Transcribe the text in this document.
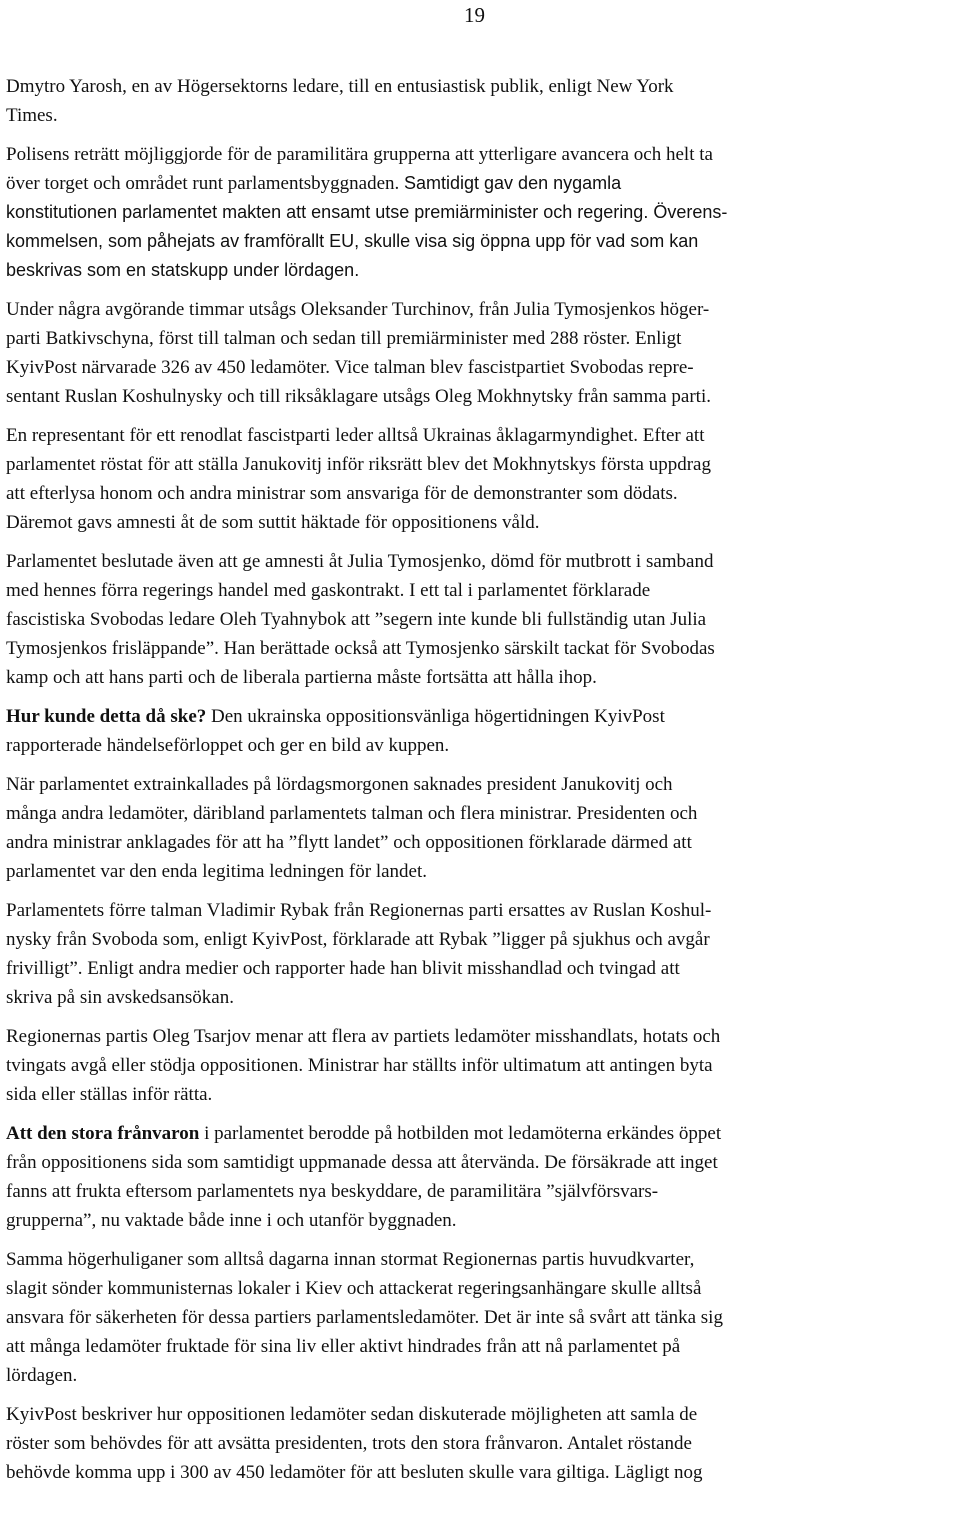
19

Dmytro Yarosh, en av Högersektorns ledare, till en entusiastisk publik, enligt New York
Times.

Polisens reträtt möjliggjorde för de paramilitära grupperna att ytterligare avancera och helt ta
över torget och området runt parlamentsbyggnaden. Samtidigt gav den nygamla
konstitutionen parlamentet makten att ensamt utse premiärminister och regering. Överens-
kommelsen, som påhejats av framförallt EU, skulle visa sig öppna upp för vad som kan
beskrivas som en statskupp under lördagen.

Under några avgörande timmar utsågs Oleksander Turchinov, från Julia Tymosjenkos höger-
parti Batkivschyna, först till talman och sedan till premiärminister med 288 röster. Enligt
KyivPost närvarade 326 av 450 ledamöter. Vice talman blev fascistpartiet Svobodas repre-
sentant Ruslan Koshulnysky och till riksåklagare utsågs Oleg Mokhnytsky från samma parti.

En representant för ett renodlat fascistparti leder alltså Ukrainas åklagarmyndighet. Efter att
parlamentet röstat för att ställa Janukovitj inför riksrätt blev det Mokhnytskys första uppdrag
att efterlysa honom och andra ministrar som ansvariga för de demonstranter som dödats.
Däremot gavs amnesti åt de som suttit häktade för oppositionens våld.

Parlamentet beslutade även att ge amnesti åt Julia Tymosjenko, dömd för mutbrott i samband
med hennes förra regerings handel med gaskontrakt. I ett tal i parlamentet förklarade
fascistiska Svobodas ledare Oleh Tyahnybok att ”segern inte kunde bli fullständig utan Julia
Tymosjenkos frisläppande”. Han berättade också att Tymosjenko särskilt tackat för Svobodas
kamp och att hans parti och de liberala partierna måste fortsätta att hålla ihop.

Hur kunde detta då ske? Den ukrainska oppositionsvänliga högertidningen KyivPost
rapporterade händelseförloppet och ger en bild av kuppen.

När parlamentet extrainkallades på lördagsmorgonen saknades president Janukovitj och
många andra ledamöter, däribland parlamentets talman och flera ministrar. Presidenten och
andra ministrar anklagades för att ha ”flytt landet” och oppositionen förklarade därmed att
parlamentet var den enda legitima ledningen för landet.

Parlamentets förre talman Vladimir Rybak från Regionernas parti ersattes av Ruslan Koshul-
nysky från Svoboda som, enligt KyivPost, förklarade att Rybak ”ligger på sjukhus och avgår
frivilligt”. Enligt andra medier och rapporter hade han blivit misshandlad och tvingad att
skriva på sin avskedsansökan.

Regionernas partis Oleg Tsarjov menar att flera av partiets ledamöter misshandlats, hotats och
tvingats avgå eller stödja oppositionen. Ministrar har ställts inför ultimatum att antingen byta
sida eller ställas inför rätta.

Att den stora frånvaron i parlamentet berodde på hotbilden mot ledamöterna erkändes öppet
från oppositionens sida som samtidigt uppmanade dessa att återvända. De försäkrade att inget
fanns att frukta eftersom parlamentets nya beskyddare, de paramilitära ”självförsvars-
grupperna”, nu vaktade både inne i och utanför byggnaden.

Samma högerhuliganer som alltså dagarna innan stormat Regionernas partis huvudkvarter,
slagit sönder kommunisternas lokaler i Kiev och attackerat regeringsanhängare skulle alltså
ansvara för säkerheten för dessa partiers parlamentsledamöter. Det är inte så svårt att tänka sig
att många ledamöter fruktade för sina liv eller aktivt hindrades från att nå parlamentet på
lördagen.

KyivPost beskriver hur oppositionen ledamöter sedan diskuterade möjligheten att samla de
röster som behövdes för att avsätta presidenten, trots den stora frånvaron. Antalet röstande
behövde komma upp i 300 av 450 ledamöter för att besluten skulle vara giltiga. Lägligt nog
